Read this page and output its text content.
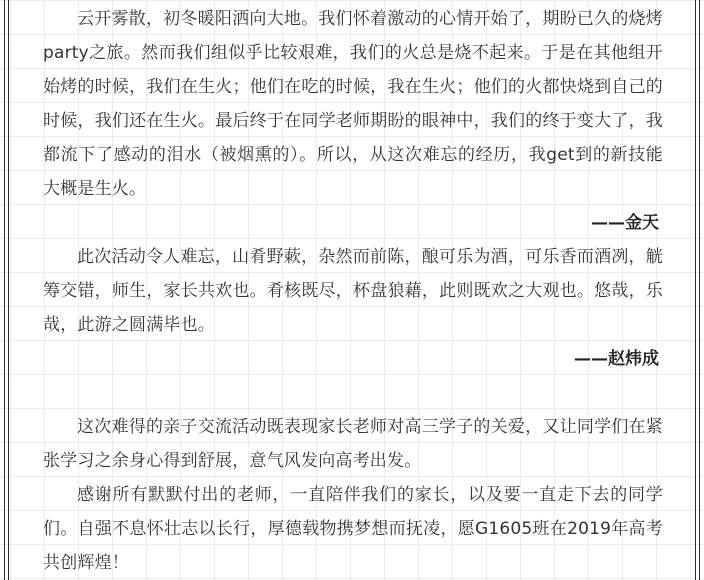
云开雾散，初冬暖阳洒向大地。我们怀着激动的心情开始了，期盼已久的烧烤party之旅。然而我们组似乎比较艰难，我们的火总是烧不起来。于是在其他组开始烤的时候，我们在生火；他们在吃的时候，我在生火；他们的火都快烧到自己的时候，我们还在生火。最后终于在同学老师期盼的眼神中，我们的终于变大了，我都流下了感动的泪水（被烟熏的）。所以，从这次难忘的经历，我get到的新技能大概是生火。

——金天

此次活动令人难忘，山肴野蔌，杂然而前陈，酿可乐为酒，可乐香而酒冽，觥筹交错，师生，家长共欢也。肴核既尽，杯盘狼藉，此则既欢之大观也。悠哉，乐哉，此游之圆满毕也。

——赵炜成

这次难得的亲子交流活动既表现家长老师对高三学子的关爱，又让同学们在紧张学习之余身心得到舒展，意气风发向高考出发。

感谢所有默默付出的老师，一直陪伴我们的家长，以及要一直走下去的同学们。自强不息怀壮志以长行，厚德载物携梦想而抚凌，愿G1605班在2019年高考共创辉煌！
